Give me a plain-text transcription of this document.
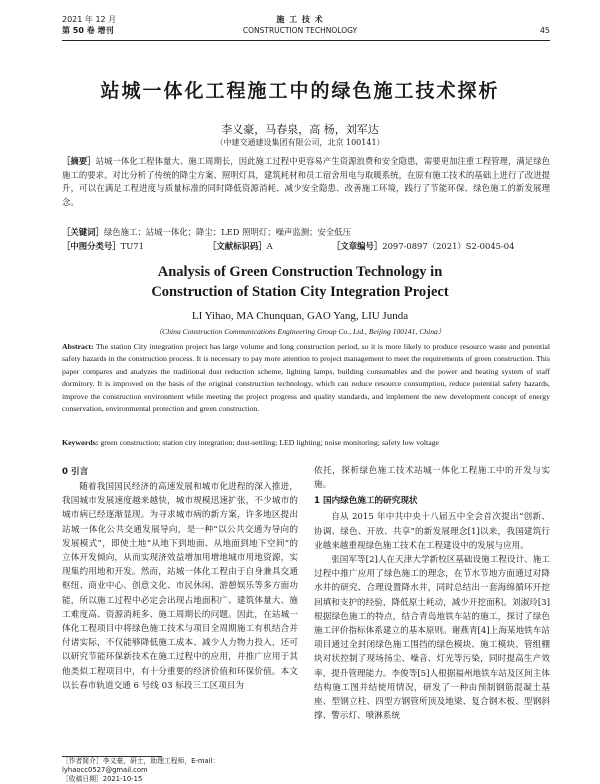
2021 年 12 月
第 50 卷 增刊
施 工 技 术
CONSTRUCTION TECHNOLOGY	45
站城一体化工程施工中的绿色施工技术探析
李义豪，马春泉，高 杨，刘军达
（中建交通建设集团有限公司，北京 100141）
［摘要］站城一体化工程体量大、施工周期长，因此施工过程中更容易产生资源浪费和安全隐患，需要更加注重工程管理，满足绿色施工的要求。对比分析了传统的降尘方案、照明灯具，建筑耗材和员工宿舍用电与取暖系统，在原有施工技术的基础上进行了改进提升，可以在满足工程进度与质量标准的同时降低资源消耗、减少安全隐患、改善施工环境，践行了节能环保、绿色施工的新发展理念。
［关键词］绿色施工；站城一体化；降尘；LED 照明灯；噪声监测；安全低压
［中图分类号］TU71	［文献标识码］A	［文章编号］2097-0897（2021）S2-0045-04
Analysis of Green Construction Technology in
Construction of Station City Integration Project
LI Yihao, MA Chunquan, GAO Yang, LIU Junda
（China Construction Communications Engineering Group Co., Ltd., Beijing 100141, China）
Abstract: The station City integration project has large volume and long construction period, so it is more likely to produce resource waste and potential safety hazards in the construction process. It is necessary to pay more attention to project management to meet the requirements of green construction. This paper compares and analyzes the traditional dust reduction scheme, lighting lamps, building consumables and the power and heating system of staff dormitory. It is improved on the basis of the original construction technology, which can reduce resource consumption, reduce potential safety hazards, improve the construction environment while meeting the project progress and quality standards, and implement the new development concept of energy conservation, environmental protection and green construction.
Keywords: green construction; station city integration; dust-settling; LED lighting; noise monitoring; safety low voltage
0 引言
随着我国国民经济的高速发展和城市化进程的深入推进，我国城市发展速度越来越快，城市规模迅速扩张，不少城市的城市病已经逐渐显现。为寻求城市病的新方案，许多地区提出站城一体化公共交通发展导向，是一种“以公共交通为导向的发展模式”，即使土地“从地下到地面、从地面到地下空间”的立体开发倾向，从而实现济效益增加用增地城市用地资源，实现集约用地和开发。然而，站城一体化工程由于自身兼具交通枢纽、商业中心、创意文化、市民休闲、游憩娱乐等多方面功能，所以施工过程中必定会出现占地面积广、建筑体量大、施工难度高、资源消耗多、施工周期长的问题。因此，在站城一体化工程项目中将绿色施工技术与项目全周期施工有机结合并付诸实际，不仅能够降低施工成本、减少人力物力投入，还可以研究节能环保新技术在施工过程中的应用，并推广应用于其他类似工程项目中，有十分重要的经济价值和环保价值。本文以长春市轨道交通 6 号线 03 标段三工区项目为
依托，探析绿色施工技术站城一体化工程施工中的开发与实施。
1 国内绿色施工的研究现状
自从 2015 年中共中央十八届五中全会首次提出“创新、协调、绿色、开放、共享”的新发展理念[1]以来，我国建筑行业越来越重视绿色施工技术在工程建设中的发展与应用。
张国军等[2]人在天津大学新校区基础设施工程设计、施工过程中推广应用了绿色施工的理念，在节水节地方面通过对降水井的研究、合理设置降水井，同时总结出一套海绵循环开挖回填和支护的经验，降低原土耗动，减少开挖面积。刘淑玲[3]根据绿色施工的特点，结合青岛地铁车站的施工，探讨了绿色施工评价指标体系建立的基本原则。谢燕青[4]上海某地铁车站项目通过全封闭绿色施工围挡的绿色模块、施工模块、管组棚块对状控制了现场扬尘、噪音、灯光等污染，同时提高生产效率，提升管理能力。李俊等[5]人根据福州地铁车站及区间主体结构施工图并结使用情况，研发了一种由预制钢筋混凝土基座、型钢立柱、四型方钢管所顶及地梁、复合钢木板、型钢斜撑、警示灯、喷淋系统
［作者简介］李义豪，研士，助理工程师，E-mail：lyhaocc0527@gmail.com
［收稿日期］2021-10-15
